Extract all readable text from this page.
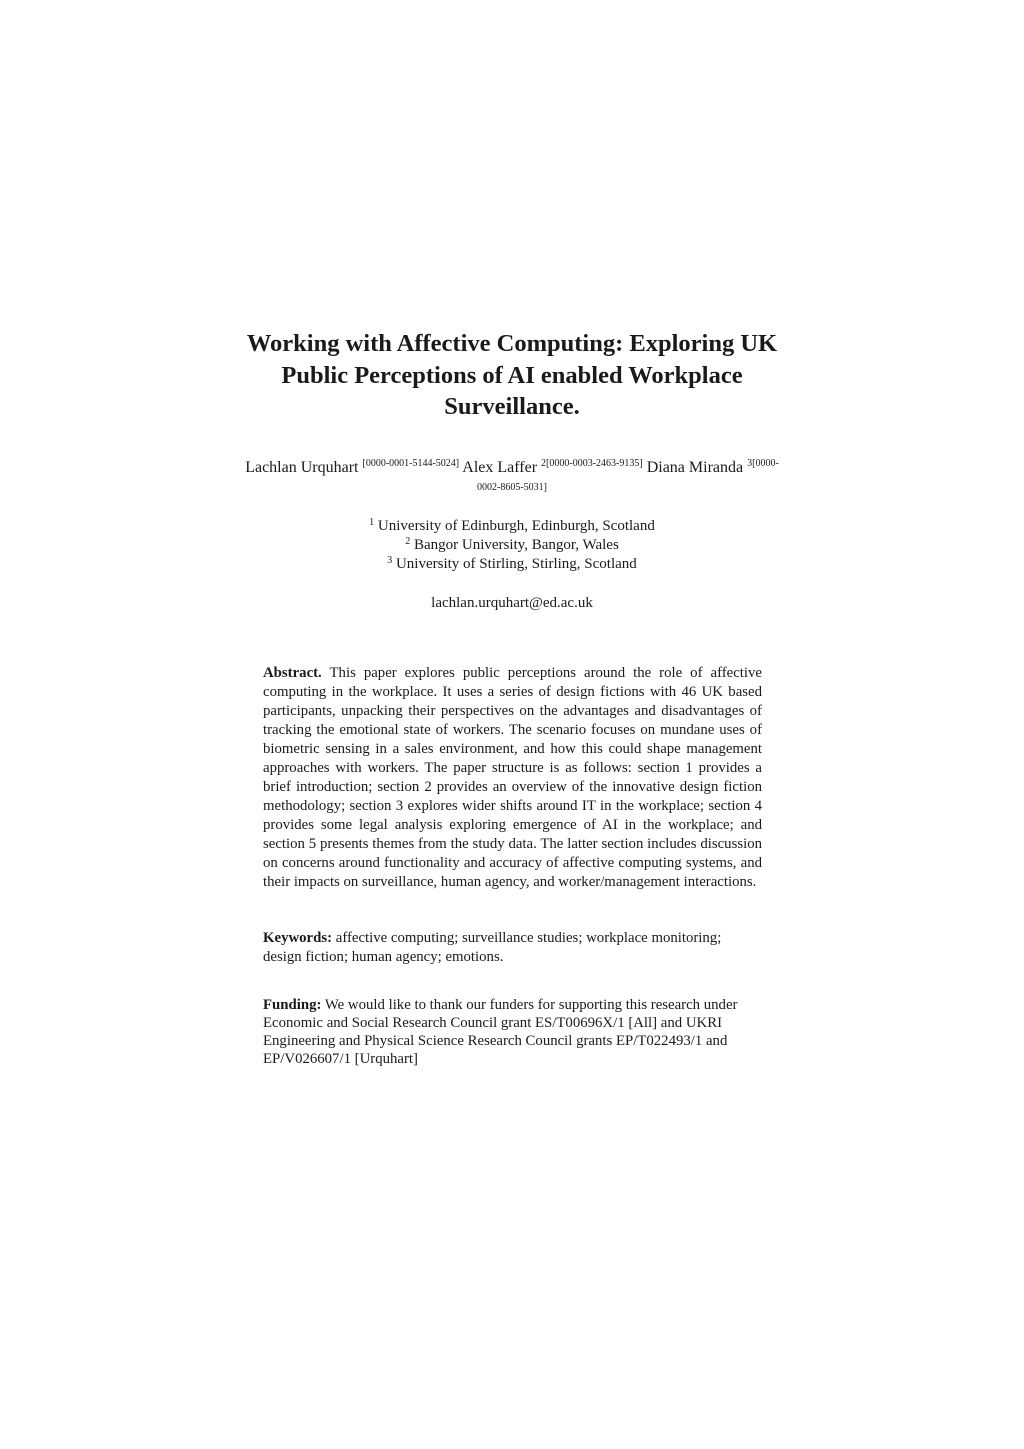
Working with Affective Computing: Exploring UK
Public Perceptions of AI enabled Workplace
Surveillance.
Lachlan Urquhart [0000-0001-5144-5024] Alex Laffer $^{2[0000-0003-2463-9135]}$ Diana Miranda $^{3[0000-}$
0002-8605-5031]
$^1$ University of Edinburgh, Edinburgh, Scotland
$^2$ Bangor University, Bangor, Wales
$^3$ University of Stirling, Stirling, Scotland
lachlan.urquhart@ed.ac.uk
Abstract. This paper explores public perceptions around the role of affective computing in the workplace. It uses a series of design fictions with 46 UK based participants, unpacking their perspectives on the advantages and disadvantages of tracking the emotional state of workers. The scenario focuses on mundane uses of biometric sensing in a sales environment, and how this could shape management approaches with workers. The paper structure is as follows: section 1 provides a brief introduction; section 2 provides an overview of the innovative design fiction methodology; section 3 explores wider shifts around IT in the workplace; section 4 provides some legal analysis exploring emergence of AI in the workplace; and section 5 presents themes from the study data. The latter section includes discussion on concerns around functionality and accuracy of affective computing systems, and their impacts on surveillance, human agency, and worker/management interactions.
Keywords: affective computing; surveillance studies; workplace monitoring; design fiction; human agency; emotions.
Funding: We would like to thank our funders for supporting this research under Economic and Social Research Council grant ES/T00696X/1 [All] and UKRI Engineering and Physical Science Research Council grants EP/T022493/1 and EP/V026607/1 [Urquhart]
